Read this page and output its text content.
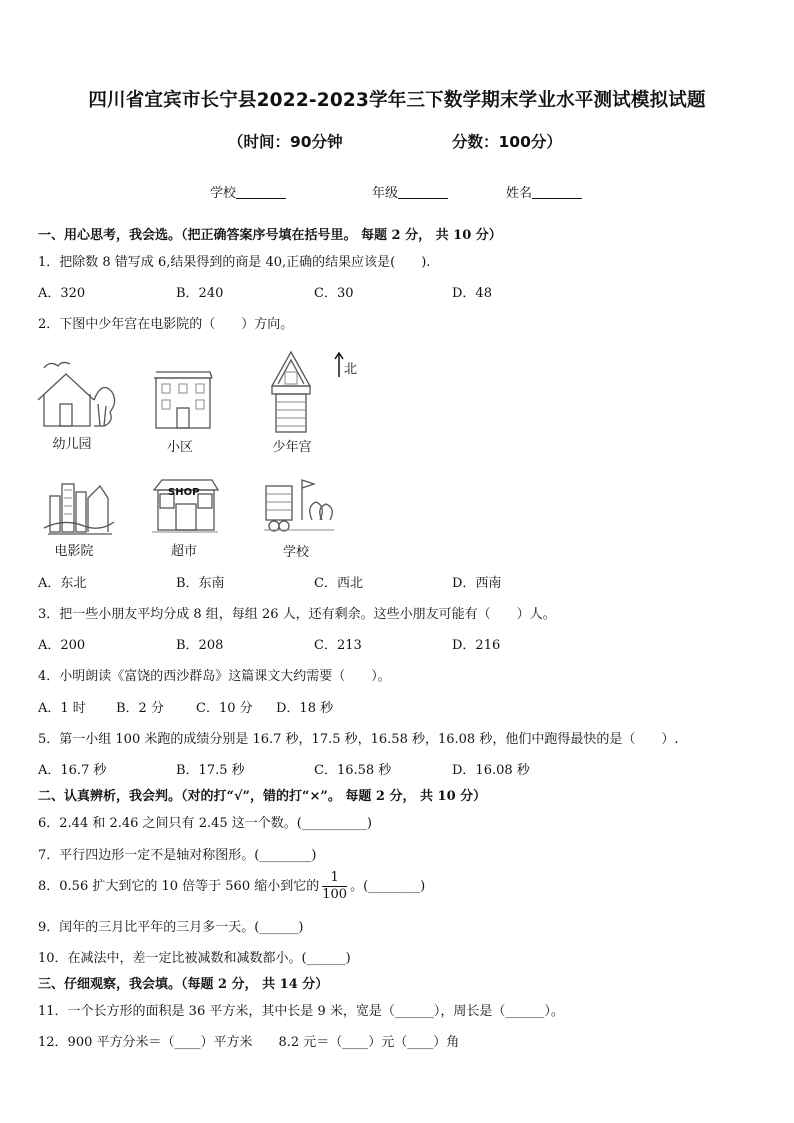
四川省宜宾市长宁县2022-2023学年三下数学期末学业水平测试模拟试题
（时间：90分钟	分数：100分）
学校	年级	姓名
一、用心思考，我会选。（把正确答案序号填在括号里。 每题 2 分， 共 10 分）
1．把除数 8 错写成 6,结果得到的商是 40,正确的结果应该是(　　).
A．320	B．240	C．30	D．48
2．下图中少年宫在电影院的（　　）方向。
幼儿园	小区	少年宫
北
电影院
SHOP
超市	学校
A．东北	B．东南	C．西北	D．西南
3．把一些小朋友平均分成 8 组，每组 26 人，还有剩余。这些小朋友可能有（　　）人。
A．200	B．208	C．213	D．216
4．小明朗读《富饶的西沙群岛》这篇课文大约需要（　　）。
A．1 时 B．2 分 C．10 分 D．18 秒
5．第一小组 100 米跑的成绩分别是 16.7 秒，17.5 秒，16.58 秒，16.08 秒，他们中跑得最快的是（　　）.
A．16.7 秒	B．17.5 秒	C．16.58 秒	D．16.08 秒
二、认真辨析，我会判。（对的打“√”，错的打“×”。 每题 2 分， 共 10 分）
6．2.44 和 2.46 之间只有 2.45 这一个数。(__________)
7．平行四边形一定不是轴对称图形。(________)
8．0.56 扩大到它的 10 倍等于 560 缩小到它的 $\frac{1}{100}$ 。(________)
9．闰年的三月比平年的三月多一天。(______)
10．在减法中，差一定比被减数和减数都小。(______)
三、仔细观察，我会填。（每题 2 分， 共 14 分）
11．一个长方形的面积是 36 平方米，其中长是 9 米，宽是（______），周长是（______）。
12．900 平方分米＝（____）平方米　　8.2 元＝（____）元（____）角
